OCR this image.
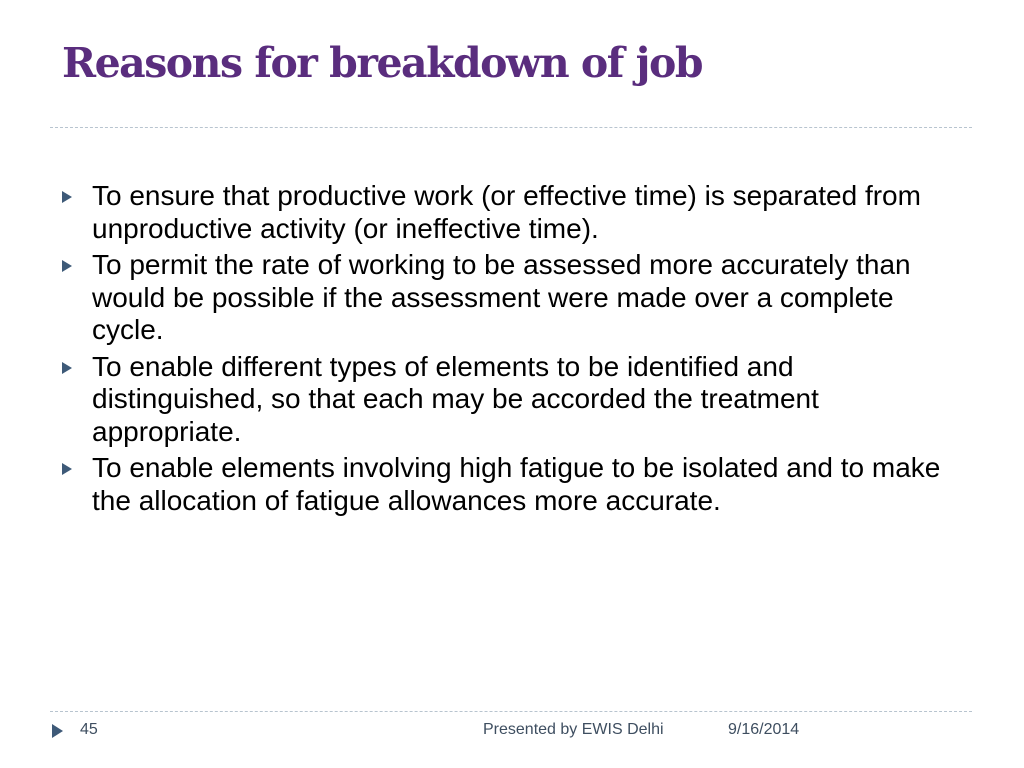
Reasons for breakdown of job
To ensure that productive work (or effective time) is separated from unproductive activity (or ineffective time).
To permit the rate of working to be assessed more accurately than would be possible if the assessment were made over a complete cycle.
To enable different types of elements to be identified and distinguished, so that each may be accorded the treatment appropriate.
To enable elements involving high fatigue to be isolated and to make the allocation of fatigue allowances more accurate.
45	Presented by EWIS Delhi	9/16/2014
